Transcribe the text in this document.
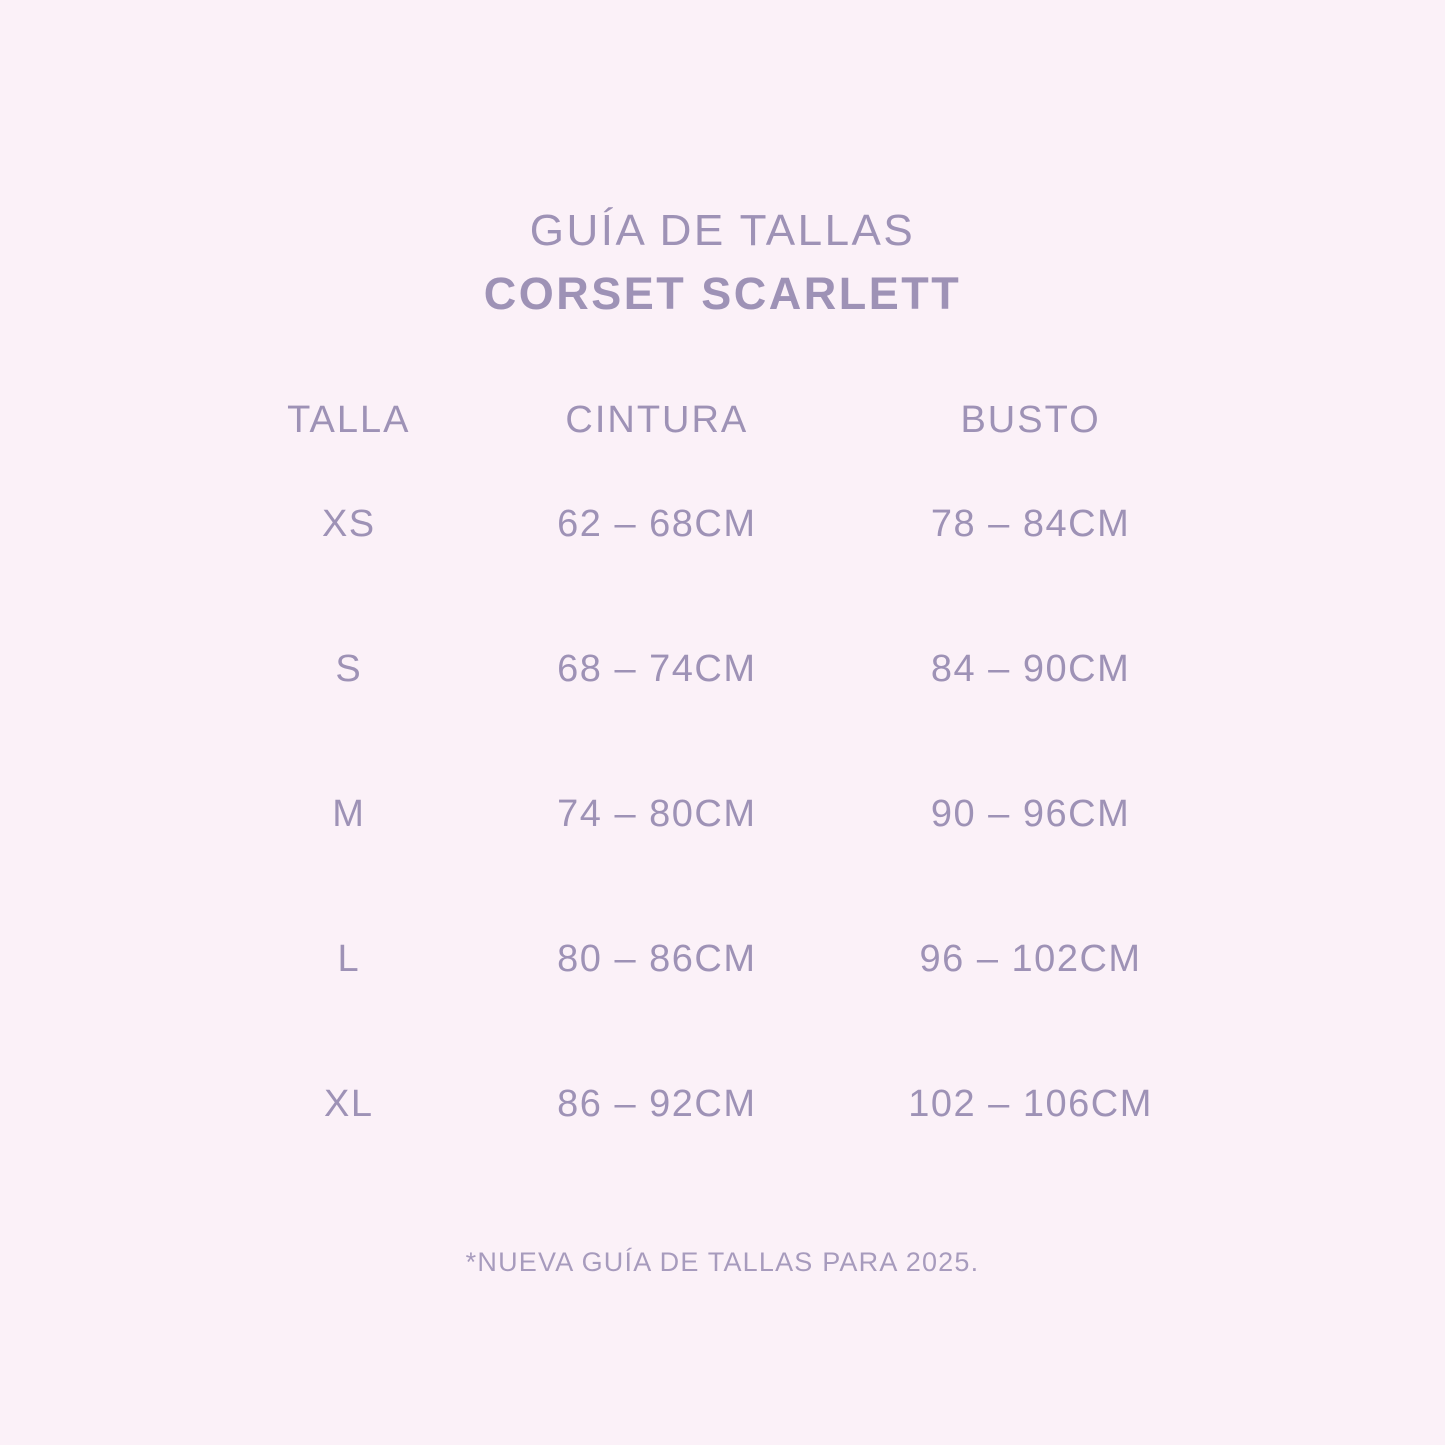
GUÍA DE TALLAS
CORSET SCARLETT
TALLA	CINTURA	BUSTO
XS	62 – 68CM	78 – 84CM
S	68 – 74CM	84 – 90CM
M	74 – 80CM	90 – 96CM
L	80 – 86CM	96 – 102CM
XL	86 – 92CM	102 – 106CM
*NUEVA GUÍA DE TALLAS PARA 2025.
